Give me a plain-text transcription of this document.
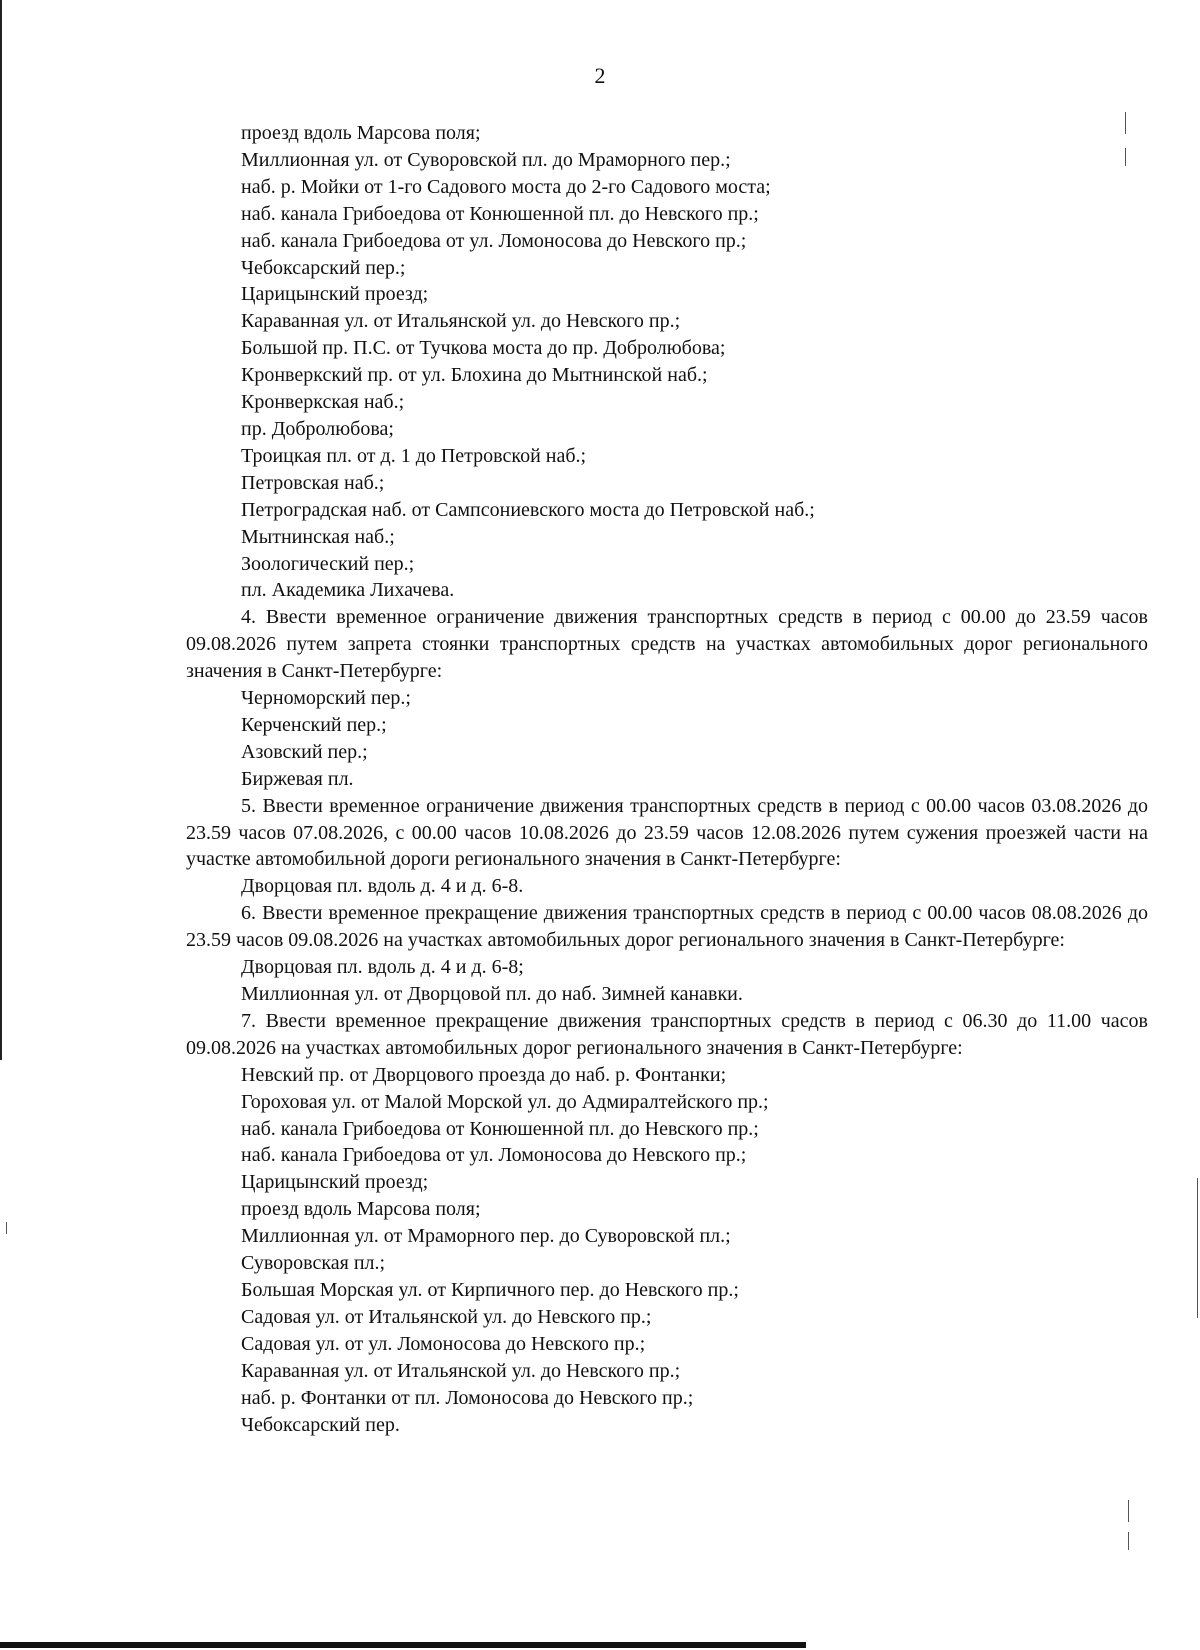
2

проезд вдоль Марсова поля;

Миллионная ул. от Суворовской пл. до Мраморного пер.;

наб. р. Мойки от 1-го Садового моста до 2-го Садового моста;

наб. канала Грибоедова от Конюшенной пл. до Невского пр.;

наб. канала Грибоедова от ул. Ломоносова до Невского пр.;

Чебоксарский пер.;

Царицынский проезд;

Караванная ул. от Итальянской ул. до Невского пр.;

Большой пр. П.С. от Тучкова моста до пр. Добролюбова;

Кронверкский пр. от ул. Блохина до Мытнинской наб.;

Кронверкская наб.;

пр. Добролюбова;

Троицкая пл. от д. 1 до Петровской наб.;

Петровская наб.;

Петроградская наб. от Сампсониевского моста до Петровской наб.;

Мытнинская наб.;

Зоологический пер.;

пл. Академика Лихачева.

4. Ввести временное ограничение движения транспортных средств в период с 00.00 до 23.59 часов 09.08.2026 путем запрета стоянки транспортных средств на участках автомобильных дорог регионального значения в Санкт-Петербурге:

Черноморский пер.;

Керченский пер.;

Азовский пер.;

Биржевая пл.

5. Ввести временное ограничение движения транспортных средств в период с 00.00 часов 03.08.2026 до 23.59 часов 07.08.2026, с 00.00 часов 10.08.2026 до 23.59 часов 12.08.2026 путем сужения проезжей части на участке автомобильной дороги регионального значения в Санкт-Петербурге:

Дворцовая пл. вдоль д. 4 и д. 6-8.

6. Ввести временное прекращение движения транспортных средств в период с 00.00 часов 08.08.2026 до 23.59 часов 09.08.2026 на участках автомобильных дорог регионального значения в Санкт-Петербурге:

Дворцовая пл. вдоль д. 4 и д. 6-8;

Миллионная ул. от Дворцовой пл. до наб. Зимней канавки.

7. Ввести временное прекращение движения транспортных средств в период с 06.30 до 11.00 часов 09.08.2026 на участках автомобильных дорог регионального значения в Санкт-Петербурге:

Невский пр. от Дворцового проезда до наб. р. Фонтанки;

Гороховая ул. от Малой Морской ул. до Адмиралтейского пр.;

наб. канала Грибоедова от Конюшенной пл. до Невского пр.;

наб. канала Грибоедова от ул. Ломоносова до Невского пр.;

Царицынский проезд;

проезд вдоль Марсова поля;

Миллионная ул. от Мраморного пер. до Суворовской пл.;

Суворовская пл.;

Большая Морская ул. от Кирпичного пер. до Невского пр.;

Садовая ул. от Итальянской ул. до Невского пр.;

Садовая ул. от ул. Ломоносова до Невского пр.;

Караванная ул. от Итальянской ул. до Невского пр.;

наб. р. Фонтанки от пл. Ломоносова до Невского пр.;

Чебоксарский пер.
